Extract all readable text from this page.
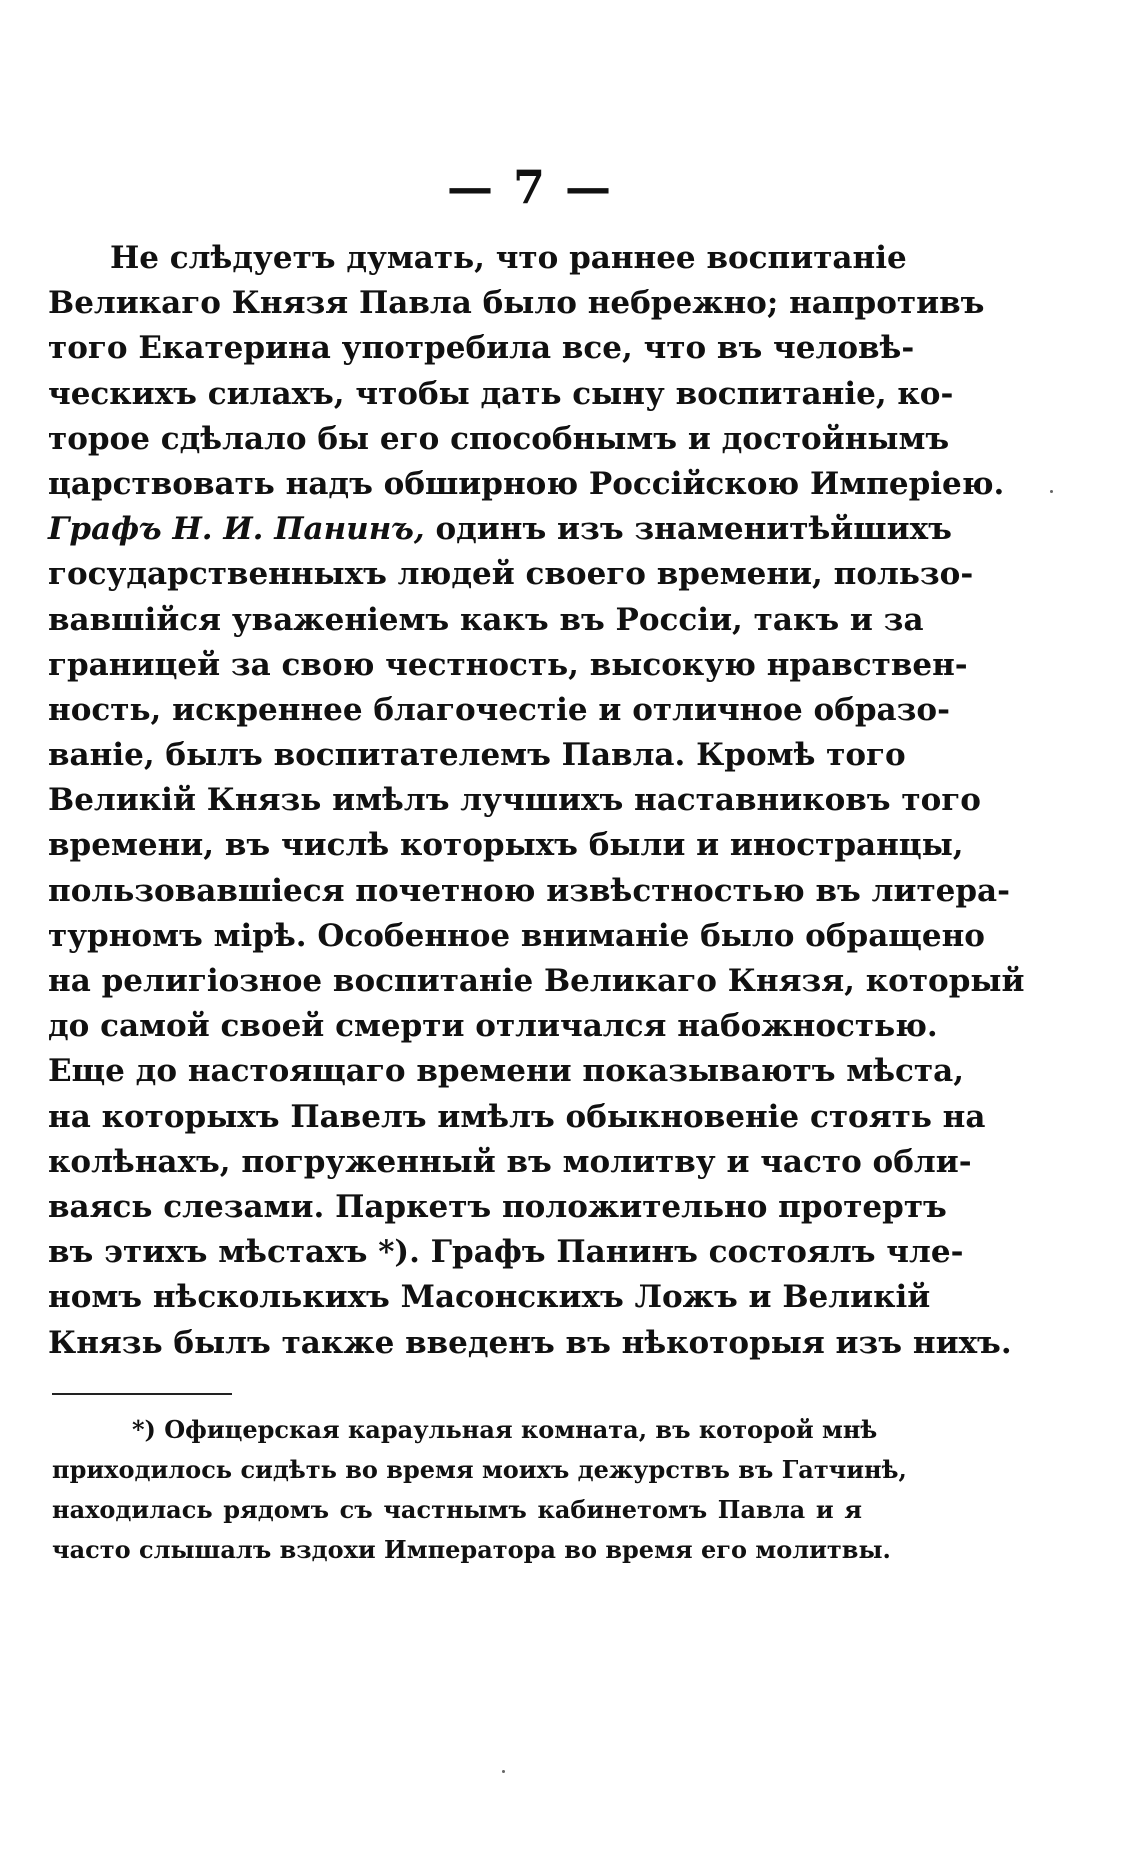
— 7 —
Не слѣдуетъ думать, что раннее воспитаніе
Великаго Князя Павла было небрежно; напротивъ
того Екатерина употребила все, что въ человѣ-
ческихъ силахъ, чтобы дать сыну воспитаніе, ко-
торое сдѣлало бы его способнымъ и достойнымъ
царствовать надъ обширною Россійскою Имперіею.
Графъ Н. И. Панинъ, одинъ изъ знаменитѣйшихъ
государственныхъ людей своего времени, пользо-
вавшійся уваженіемъ какъ въ Россіи, такъ и за
границей за свою честность, высокую нравствен-
ность, искреннее благочестіе и отличное образо-
ваніе, былъ воспитателемъ Павла. Кромѣ того
Великій Князь имѣлъ лучшихъ наставниковъ того
времени, въ числѣ которыхъ были и иностранцы,
пользовавшіеся почетною извѣстностью въ литера-
турномъ мірѣ. Особенное вниманіе было обращено
на религіозное воспитаніе Великаго Князя, который
до самой своей смерти отличался набожностью.
Еще до настоящаго времени показываютъ мѣста,
на которыхъ Павелъ имѣлъ обыкновеніе стоять на
колѣнахъ, погруженный въ молитву и часто обли-
ваясь слезами. Паркетъ положительно протертъ
въ этихъ мѣстахъ *). Графъ Панинъ состоялъ чле-
номъ нѣсколькихъ Масонскихъ Ложъ и Великій
Князь былъ также введенъ въ нѣкоторыя изъ нихъ.
*) Офицерская караульная комната, въ которой мнѣ
приходилось сидѣть во время моихъ дежурствъ въ Гатчинѣ,
находилась рядомъ съ частнымъ кабинетомъ Павла и я
часто слышалъ вздохи Императора во время его молитвы.
